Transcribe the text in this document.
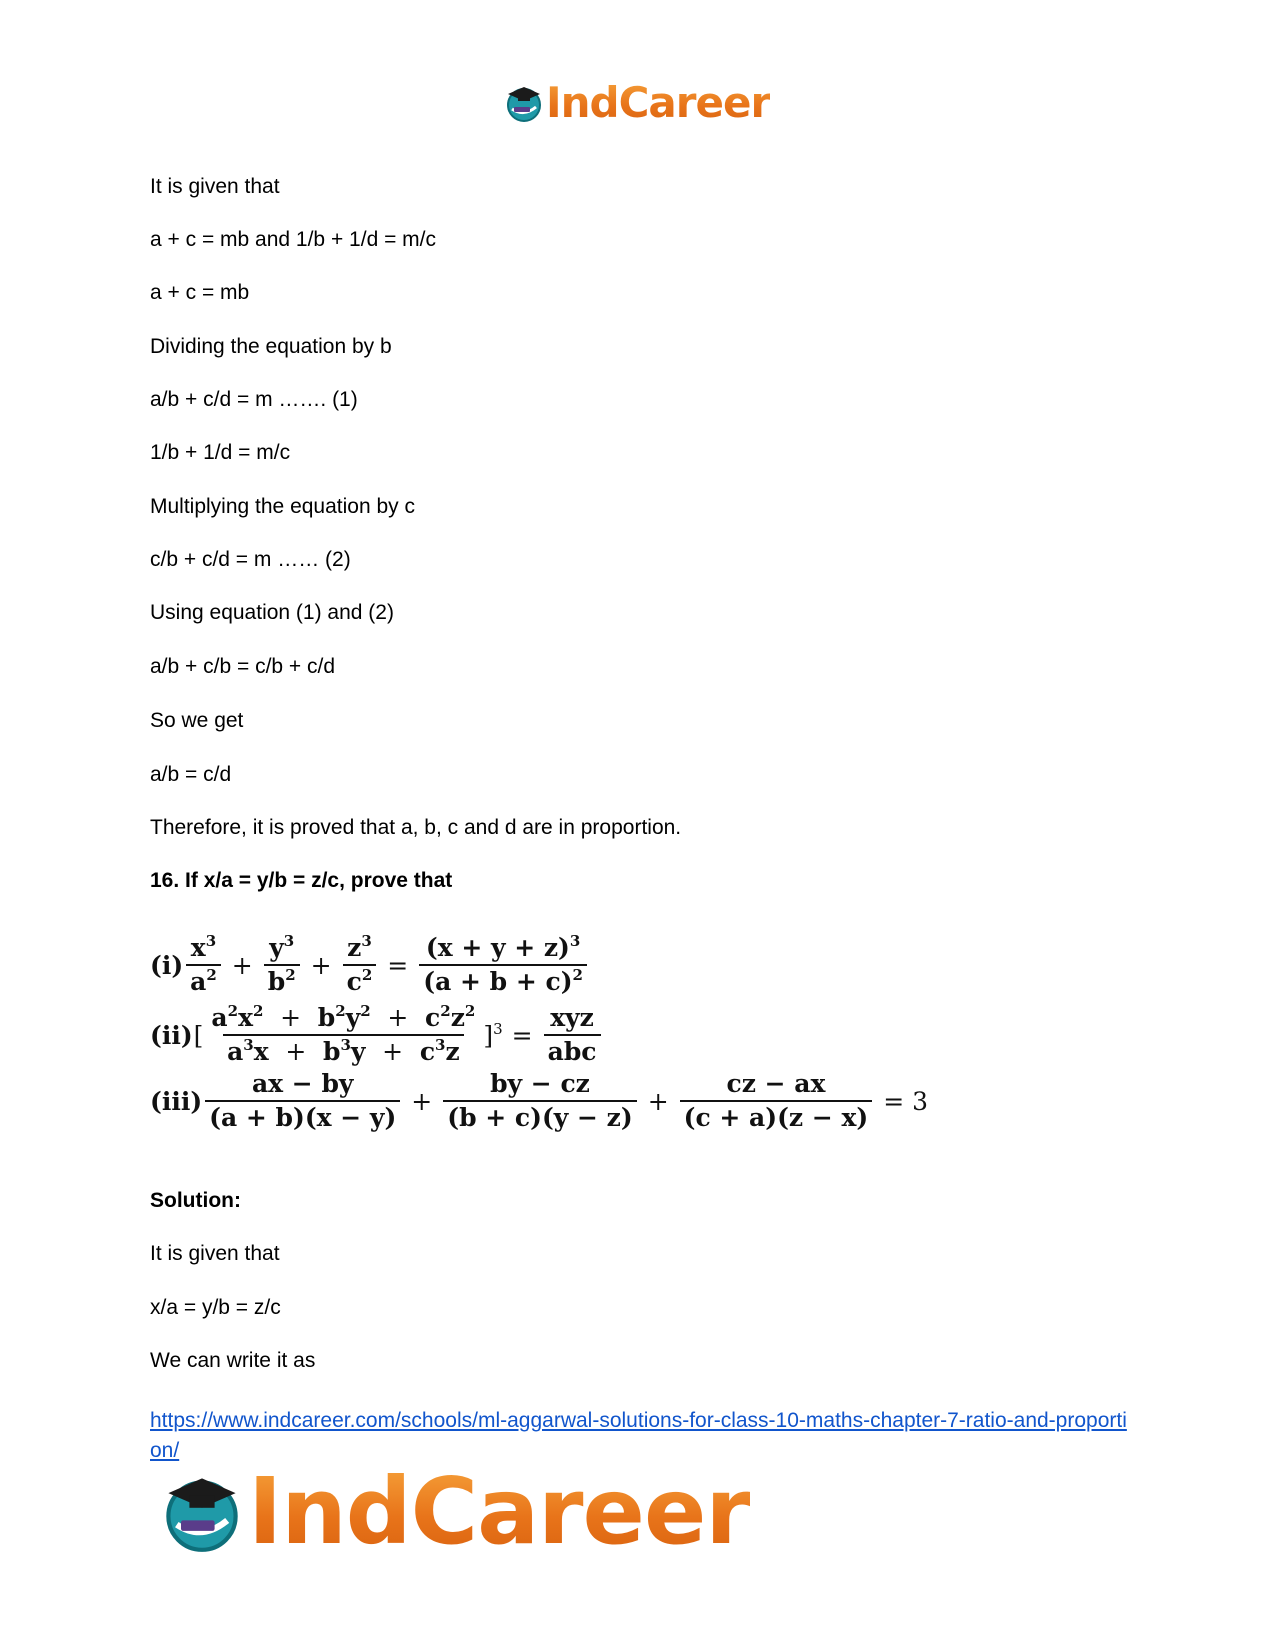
IndCareer
It is given that
a + c = mb and 1/b + 1/d = m/c
a + c = mb
Dividing the equation by b
a/b + c/d = m ……. (1)
1/b + 1/d = m/c
Multiplying the equation by c
c/b + c/d = m …… (2)
Using equation (1) and (2)
a/b + c/b = c/b + c/d
So we get
a/b = c/d
Therefore, it is proved that a, b, c and d are in proportion.
16. If x/a = y/b = z/c, prove that
$(i) \frac{x^3}{a^2} + \frac{y^3}{b^2} + \frac{z^3}{c^2} = \frac{(x + y + z)^3}{(a + b + c)^2}$
(ii) [ $\frac{a^2x^2 + b^2y^2 + c^2z^2}{a^3x + b^3y + c^3z} ]^3 = \frac{\text{xyz}}{\text{abc}}$
$(iii) \frac{ax - by}{(a + b)(x - y)} + \frac{by - cz}{(b + c)(y - z)} + \frac{cz - ax}{(c + a)(z - x)} = 3$
Solution:
It is given that
x/a = y/b = z/c
We can write it as
https://www.indcareer.com/schools/ml-aggarwal-solutions-for-class-10-maths-chapter-7-ratio-and-proportion/
IndCareer
